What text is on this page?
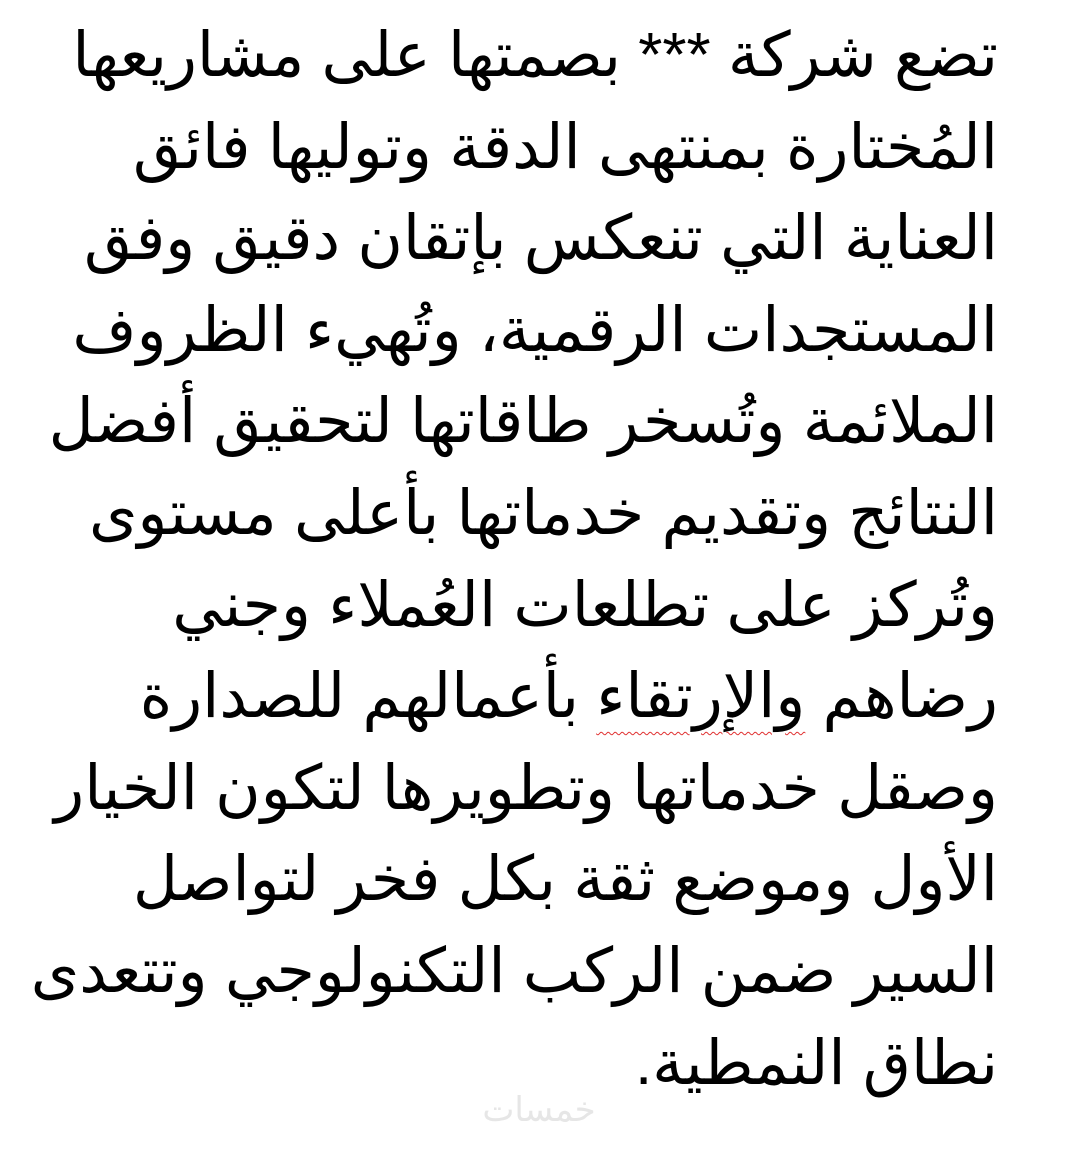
تضع شركة *** بصمتها على مشاريعها
المُختارة بمنتهى الدقة وتوليها فائق
العناية التي تنعكس بإتقان دقيق وفق
المستجدات الرقمية، وتُهيء الظروف
الملائمة وتُسخر طاقاتها لتحقيق أفضل
النتائج وتقديم خدماتها بأعلى مستوى
وتُركز على تطلعات العُملاء وجني
رضاهم والإرتقاء بأعمالهم للصدارة
وصقل خدماتها وتطويرها لتكون الخيار
الأول وموضع ثقة بكل فخر لتواصل
السير ضمن الركب التكنولوجي وتتعدى
نطاق النمطية.
خمسات
